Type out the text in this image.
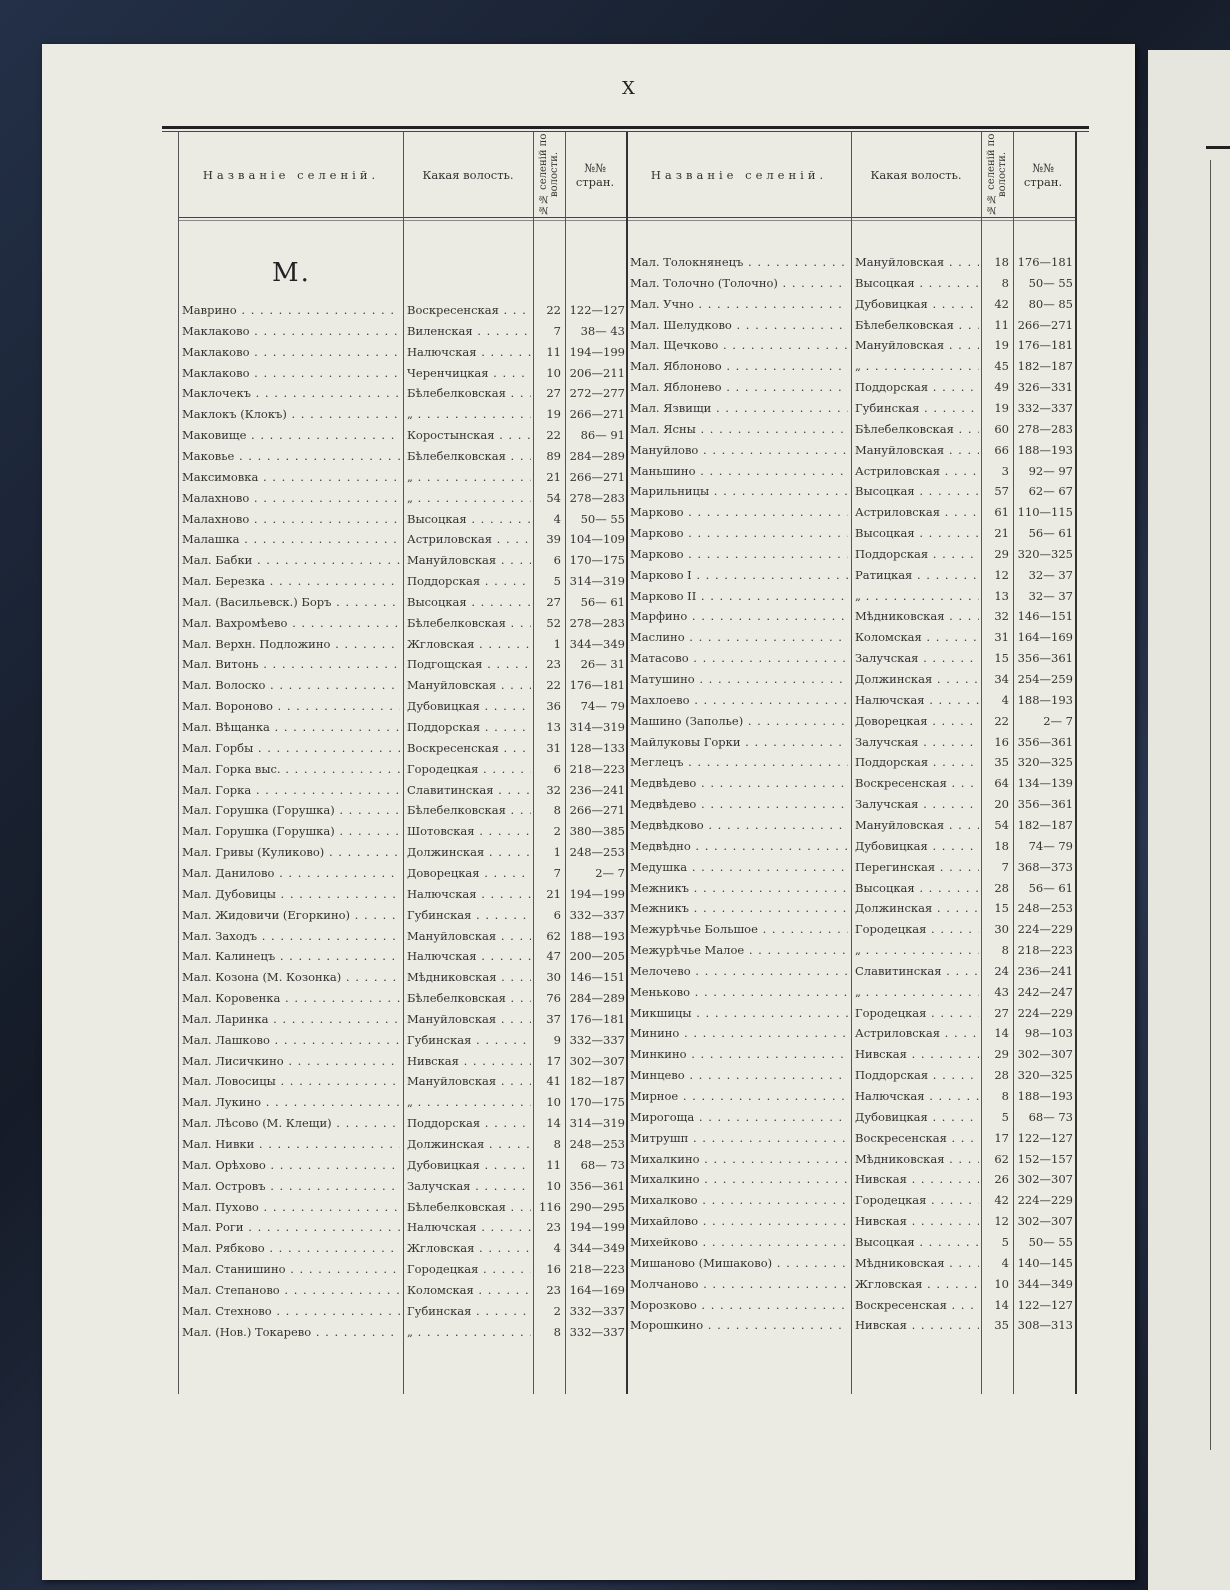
X
Названіе селеній.	Какая волость.	№№ селеній по волости.	№№ стран.	Названіе селеній.	Какая волость.	№№ селеній по волости.	№№ стран.
М.
Маврино . . .	Воскресенская . . .	22 122—127
Маклаково . . .	Виленская . . .	7	38— 43
Маклаково . . .	Налючская . . .	11 194—199
Маклаково . . .	Черенчицкая . . .	10 206—211
Маклочекъ . . .	Бѣлебелковская . . .	27 272—277
Маклокъ (Клокъ) . . .	„ . . .	19 266—271
Маковище . . .	Коростынская . . .	22	86— 91
Маковье . . .	Бѣлебелковская . . .	89 284—289
Максимовка . . .	„ . . .	21 266—271
Малахново . . .	„ . . .	54 278—283
Малахново . . .	Высоцкая . . .	4	50— 55
Малашка . . .	Астриловская . . .	39 104—109
Мал. Бабки . . .	Мануйловская . . .	6 170—175
Мал. Березка . . .	Поддорская . . .	5 314—319
Мал. (Васильевск.) Боръ . . .	Высоцкая . . .	27	56— 61
Мал. Вахромѣево . . .	Бѣлебелковская . . .	52 278—283
Мал. Верхн. Подложино . . .	Жгловская . . .	1 344—349
Мал. Витонь . . .	Подгощская . . .	23	26— 31
Мал. Волоско . . .	Мануйловская . . .	22 176—181
Мал. Вороново . . .	Дубовицкая . . .	36	74— 79
Мал. Вѣщанка . . .	Поддорская . . .	13 314—319
Мал. Горбы . . .	Воскресенская . . .	31 128—133
Мал. Горка выс. . . .	Городецкая . . .	6 218—223
Мал. Горка . . .	Славитинская . . .	32 236—241
Мал. Горушка (Горушка) . . .	Бѣлебелковская . . .	8 266—271
Мал. Горушка (Горушка) . . .	Шотовская . . .	2 380—385
Мал. Гривы (Куликово) . . .	Должинская . . .	1 248—253
Мал. Данилово . . .	Доворецкая . . .	7	2— 7
Мал. Дубовицы . . .	Налючская . . .	21 194—199
Мал. Жидовичи (Егоркино) . . .	Губинская . . .	6 332—337
Мал. Заходъ . . .	Мануйловская . . .	62 188—193
Мал. Калинецъ . . .	Налючская . . .	47 200—205
Мал. Козона (М. Козонка) . . .	Мѣдниковская . . .	30 146—151
Мал. Коровенка . . .	Бѣлебелковская . . .	76 284—289
Мал. Ларинка . . .	Мануйловская . . .	37 176—181
Мал. Лашково . . .	Губинская . . .	9 332—337
Мал. Лисичкино . . .	Нивская . . .	17 302—307
Мал. Ловосицы . . .	Мануйловская . . .	41 182—187
Мал. Лукино . . .	„ . . .	10 170—175
Мал. Лѣсово (М. Клещи) . . .	Поддорская . . .	14 314—319
Мал. Нивки . . .	Должинская . . .	8 248—253
Мал. Орѣхово . . .	Дубовицкая . . .	11	68— 73
Мал. Островъ . . .	Залучская . . .	10 356—361
Мал. Пухово . . .	Бѣлебелковская . . .	116 290—295
Мал. Роги . . .	Налючская . . .	23 194—199
Мал. Рябково . . .	Жгловская . . .	4 344—349
Мал. Станишино . . .	Городецкая . . .	16 218—223
Мал. Степаново . . .	Коломская . . .	23 164—169
Мал. Стехново . . .	Губинская . . .	2 332—337
Мал. (Нов.) Токарево . . .	„ . . .	8 332—337
Мал. Толокнянецъ . . .	Мануйловская . . .	18 176—181
Мал. Толочно (Толочно) . . .	Высоцкая . . .	8	50— 55
Мал. Учно . . .	Дубовицкая . . .	42	80— 85
Мал. Шелудково . . .	Бѣлебелковская . . .	11 266—271
Мал. Щечково . . .	Мануйловская . . .	19 176—181
Мал. Яблоново . . .	„ . . .	45 182—187
Мал. Яблонево . . .	Поддорская . . .	49 326—331
Мал. Язвищи . . .	Губинская . . .	19 332—337
Мал. Ясны . . .	Бѣлебелковская . . .	60 278—283
Мануйлово . . .	Мануйловская . . .	66 188—193
Маньшино . . .	Астриловская . . .	3	92— 97
Марильницы . . .	Высоцкая . . .	57	62— 67
Марково . . .	Астриловская . . .	61 110—115
Марково . . .	Высоцкая . . .	21	56— 61
Марково . . .	Поддорская . . .	29 320—325
Марково I . . .	Ратицкая . . .	12	32— 37
Марково II . . .	„ . . .	13	32— 37
Марфино . . .	Мѣдниковская . . .	32 146—151
Маслино . . .	Коломская . . .	31 164—169
Матасово . . .	Залучская . . .	15 356—361
Матушино . . .	Должинская . . .	34 254—259
Махлоево . . .	Налючская . . .	4 188—193
Машино (Заполье) . . .	Доворецкая . . .	22	2— 7
Майлуковы Горки . . .	Залучская . . .	16 356—361
Меглецъ . . .	Поддорская . . .	35 320—325
Медвѣдево . . .	Воскресенская . . .	64 134—139
Медвѣдево . . .	Залучская . . .	20 356—361
Медвѣдково . . .	Мануйловская . . .	54 182—187
Медвѣдно . . .	Дубовицкая . . .	18	74— 79
Медушка . . .	Перегинская . . .	7 368—373
Межникъ . . .	Высоцкая . . .	28	56— 61
Межникъ . . .	Должинская . . .	15 248—253
Межурѣчье Большое . . .	Городецкая . . .	30 224—229
Межурѣчье Малое . . .	„ . . .	8 218—223
Мелочево . . .	Славитинская . . .	24 236—241
Меньково . . .	„ . . .	43 242—247
Микшицы . . .	Городецкая . . .	27 224—229
Минино . . .	Астриловская . . .	14	98—103
Минкино . . .	Нивская . . .	29 302—307
Минцево . . .	Поддорская . . .	28 320—325
Мирное . . .	Налючская . . .	8 188—193
Мирогоща . . .	Дубовицкая . . .	5	68— 73
Митрушп . . .	Воскресенская . . .	17 122—127
Михалкино . . .	Мѣдниковская . . .	62 152—157
Михалкино . . .	Нивская . . .	26 302—307
Михалково . . .	Городецкая . . .	42 224—229
Михайлово . . .	Нивская . . .	12 302—307
Михейково . . .	Высоцкая . . .	5	50— 55
Мишаново (Мишаково) . . .	Мѣдниковская . . .	4 140—145
Молчаново . . .	Жгловская . . .	10 344—349
Морозково . . .	Воскресенская . . .	14 122—127
Морошкино . . .	Нивская . . .	35 308—313
